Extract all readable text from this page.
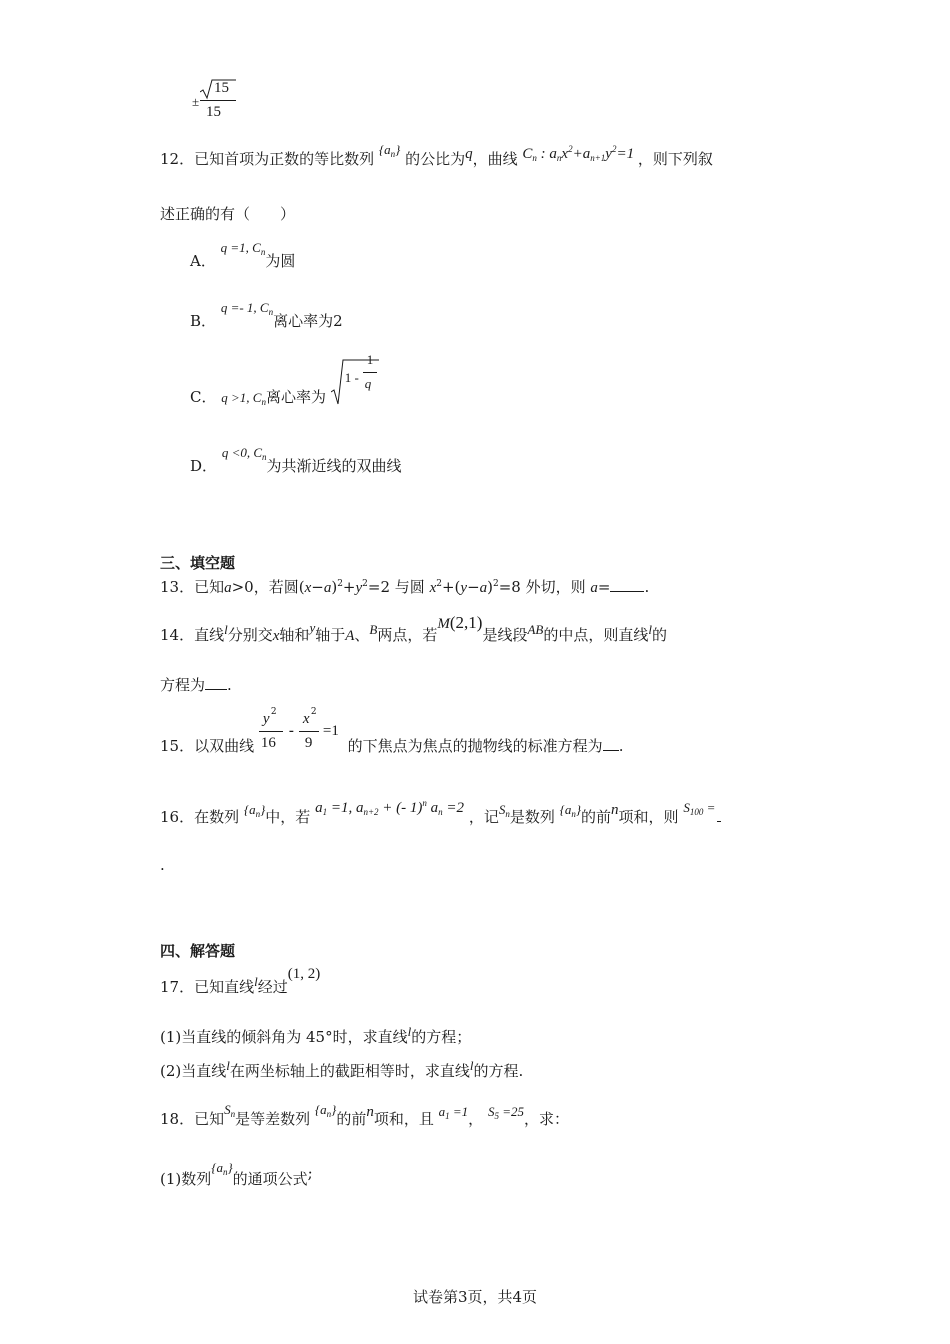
±
15
15
12．已知首项为正数的等比数列 $\{a_n\}$ 的公比为q，曲线 $C_n$ : $a_nx^2+a_{n+1}y^2=1$ ，则下列叙
述正确的有（　　）
A． q =1, $C_n$为圆
B． q =- 1, $C_n$离心率为2
C． q >1, $C_n$离心率为
1 -
1
q
D． q <0, $C_n$为共渐近线的双曲线
三、填空题
13．已知a>0，若圆$(x-a)^2+y^2=2$ 与圆 $x^2+(y-a)^2=8$ 外切，则 a= .
14．直线l分别交x轴和y轴于A、B两点，若M(2,1)是线段AB的中点，则直线l的
方程为 .
15．以双曲线
y 2
16
-
x 2
9
=1
的下焦点为焦点的抛物线的标准方程为 .
16．在数列 $\{a_n\}$中，若 $a_1 =1$, $a_{n+2}$ + (- 1)$^n$ $a_n =2$ ，记$S_n$是数列 $\{a_n\}$的前n项和，则 $S_{100}$ =
.
四、解答题
17．已知直线l经过(1, 2)
(1)当直线的倾斜角为 45°时，求直线l的方程；
(2)当直线l在两坐标轴上的截距相等时，求直线l的方程.
18．已知$S_n$是等差数列 $\{a_n\}$的前n项和，且 $a_1 =1$， $S_5 =25$，求：
(1)数列$\{a_n\}$的通项公式;
试卷第3页，共4页
